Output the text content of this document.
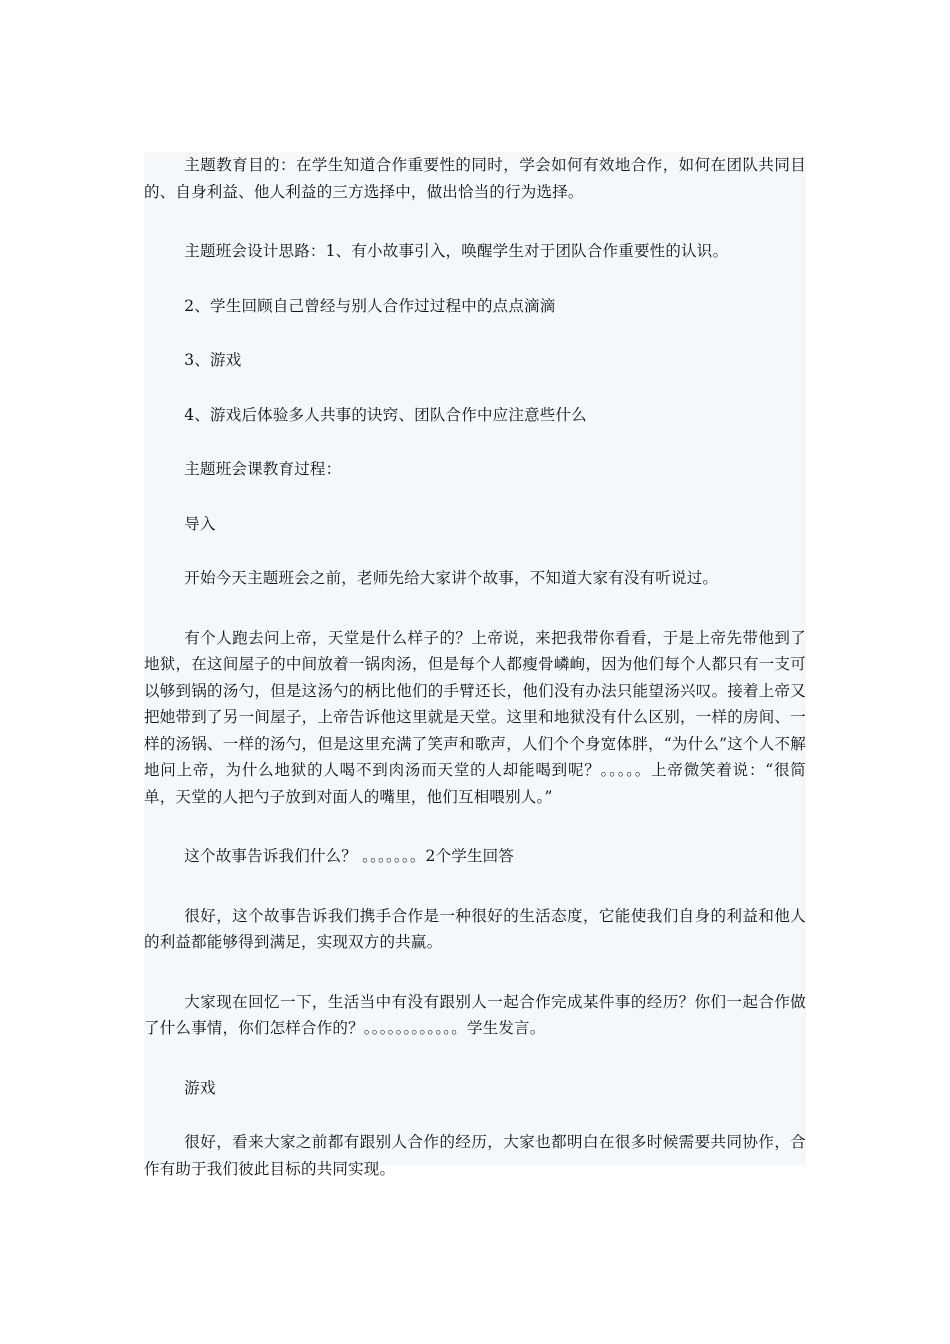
主题教育目的：在学生知道合作重要性的同时，学会如何有效地合作，如何在团队共同目的、自身利益、他人利益的三方选择中，做出恰当的行为选择。

主题班会设计思路：1、有小故事引入，唤醒学生对于团队合作重要性的认识。

2、学生回顾自己曾经与别人合作过过程中的点点滴滴

3、游戏

4、游戏后体验多人共事的诀窍、团队合作中应注意些什么

主题班会课教育过程：

导入

开始今天主题班会之前，老师先给大家讲个故事，不知道大家有没有听说过。

有个人跑去问上帝，天堂是什么样子的？上帝说，来把我带你看看，于是上帝先带他到了地狱，在这间屋子的中间放着一锅肉汤，但是每个人都瘦骨嶙峋，因为他们每个人都只有一支可以够到锅的汤勺，但是这汤勺的柄比他们的手臂还长，他们没有办法只能望汤兴叹。接着上帝又把她带到了另一间屋子，上帝告诉他这里就是天堂。这里和地狱没有什么区别，一样的房间、一样的汤锅、一样的汤勺，但是这里充满了笑声和歌声，人们个个身宽体胖，“为什么”这个人不解地问上帝，为什么地狱的人喝不到肉汤而天堂的人却能喝到呢？。。。。。上帝微笑着说：“很简单，天堂的人把勺子放到对面人的嘴里，他们互相喂别人。”

这个故事告诉我们什么？ 。。。。。。。2个学生回答

很好，这个故事告诉我们携手合作是一种很好的生活态度，它能使我们自身的利益和他人的利益都能够得到满足，实现双方的共赢。

大家现在回忆一下，生活当中有没有跟别人一起合作完成某件事的经历？你们一起合作做了什么事情，你们怎样合作的？。。。。。。。。。。。。学生发言。

游戏

很好，看来大家之前都有跟别人合作的经历，大家也都明白在很多时候需要共同协作，合作有助于我们彼此目标的共同实现。
